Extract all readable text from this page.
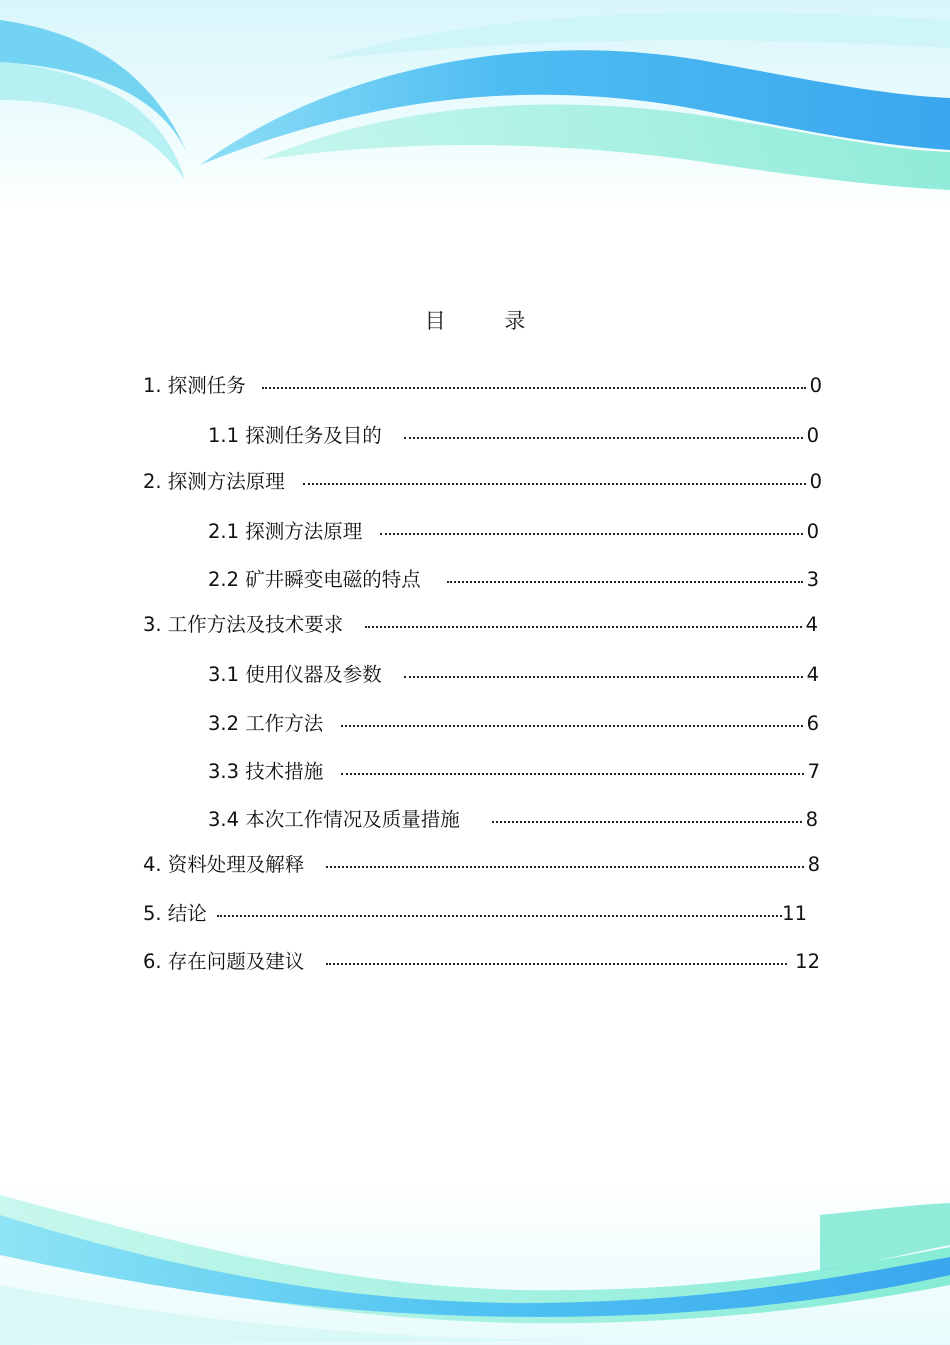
目 录
1. 探测任务	0
1.1 探测任务及目的	0
2. 探测方法原理	0
2.1 探测方法原理	0
2.2 矿井瞬变电磁的特点	3
3. 工作方法及技术要求	4
3.1 使用仪器及参数	4
3.2 工作方法	6
3.3 技术措施	7
3.4 本次工作情况及质量措施	8
4. 资料处理及解释	8
5. 结论	11
6. 存在问题及建议	12
